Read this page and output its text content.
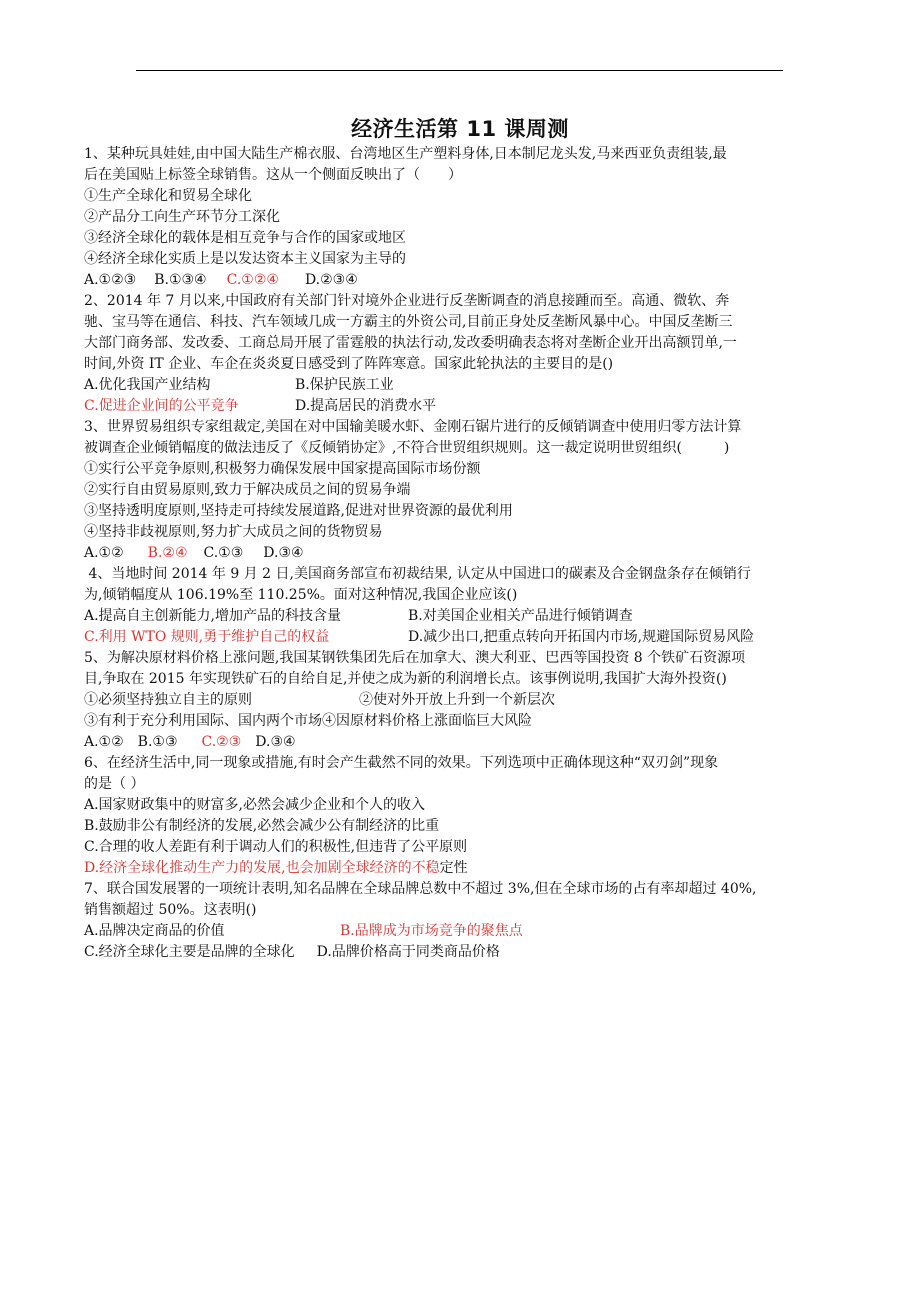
经济生活第 11 课周测
1、某种玩具娃娃,由中国大陆生产棉衣服、台湾地区生产塑料身体,日本制尼龙头发,马来西亚负责组装,最
后在美国贴上标签全球销售。这从一个侧面反映出了（　　）
①生产全球化和贸易全球化
②产品分工向生产环节分工深化
③经济全球化的载体是相互竞争与合作的国家或地区
④经济全球化实质上是以发达资本主义国家为主导的
A.①②③　B.①③④　C.①②④ D.②③④
2、2014 年 7 月以来,中国政府有关部门针对境外企业进行反垄断调查的消息接踵而至。高通、微软、奔
驰、宝马等在通信、科技、汽车领域几成一方霸主的外资公司,目前正身处反垄断风暴中心。中国反垄断三
大部门商务部、发改委、工商总局开展了雷霆般的执法行动,发改委明确表态将对垄断企业开出高额罚单,一
时间,外资 IT 企业、车企在炎炎夏日感受到了阵阵寒意。国家此轮执法的主要目的是()
A.优化我国产业结构	B.保护民族工业
C.促进企业间的公平竞争	D.提高居民的消费水平
3、世界贸易组织专家组裁定,美国在对中国输美暖水虾、金刚石锯片进行的反倾销调查中使用归零方法计算
被调查企业倾销幅度的做法违反了《反倾销协定》,不符合世贸组织规则。这一裁定说明世贸组织(　　　)
①实行公平竞争原则,积极努力确保发展中国家提高国际市场份额
②实行自由贸易原则,致力于解决成员之间的贸易争端
③坚持透明度原则,坚持走可持续发展道路,促进对世界资源的最优利用
④坚持非歧视原则,努力扩大成员之间的货物贸易
A.①② B.②④ C.①③ D.③④
4、当地时间 2014 年 9 月 2 日,美国商务部宣布初裁结果, 认定从中国进口的碳素及合金钢盘条存在倾销行
为,倾销幅度从 106.19%至 110.25%。面对这种情况,我国企业应该()
A.提高自主创新能力,增加产品的科技含量	B.对美国企业相关产品进行倾销调查
C.利用 WTO 规则,勇于维护自己的权益	D.减少出口,把重点转向开拓国内市场,规避国际贸易风险
5、为解决原材料价格上涨问题,我国某钢铁集团先后在加拿大、澳大利亚、巴西等国投资 8 个铁矿石资源项
目,争取在 2015 年实现铁矿石的自给自足,并使之成为新的利润增长点。该事例说明,我国扩大海外投资()
①必须坚持独立自主的原则	②使对外开放上升到一个新层次
③有利于充分利用国际、国内两个市场④因原材料价格上涨面临巨大风险
A.①② B.①③ C.②③ D.③④
6、在经济生活中,同一现象或措施,有时会产生截然不同的效果。下列选项中正确体现这种“双刃剑”现象
的是（ ）
A.国家财政集中的财富多,必然会减少企业和个人的收入
B.鼓励非公有制经济的发展,必然会减少公有制经济的比重
C.合理的收人差距有利于调动人们的积极性,但违背了公平原则
D.经济全球化推动生产力的发展,也会加剧全球经济的不稳定性
7、联合国发展署的一项统计表明,知名品牌在全球品牌总数中不超过 3%,但在全球市场的占有率却超过 40%,
销售额超过 50%。这表明()
A.品牌决定商品的价值	B.品牌成为市场竞争的聚焦点
C.经济全球化主要是品牌的全球化 D.品牌价格高于同类商品价格
